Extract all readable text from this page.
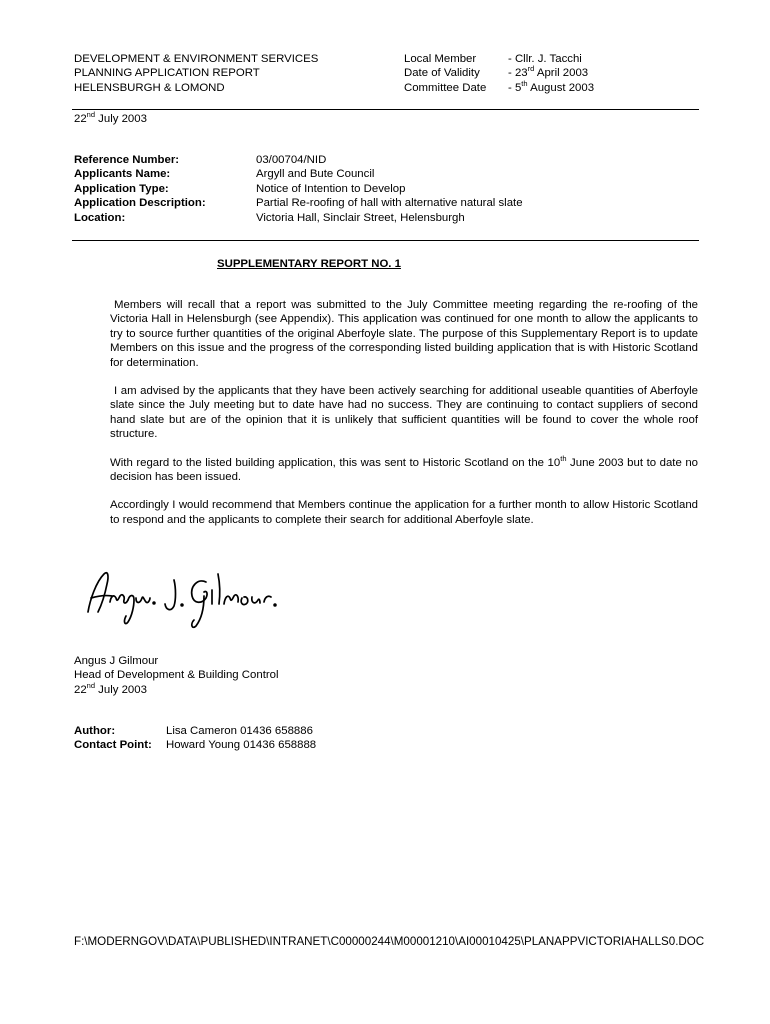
DEVELOPMENT & ENVIRONMENT SERVICES
PLANNING APPLICATION REPORT
HELENSBURGH & LOMOND
Local Member	- Cllr. J. Tacchi
Date of Validity	- 23rd April 2003
Committee Date	- 5th August 2003
22nd July 2003
Reference Number:	03/00704/NID
Applicants Name:	Argyll and Bute Council
Application Type:	Notice of Intention to Develop
Application Description:	Partial Re-roofing of hall with alternative natural slate
Location:	Victoria Hall, Sinclair Street, Helensburgh
SUPPLEMENTARY REPORT NO. 1

Members will recall that a report was submitted to the July Committee meeting regarding the re-roofing of the Victoria Hall in Helensburgh (see Appendix). This application was continued for one month to allow the applicants to try to source further quantities of the original Aberfoyle slate. The purpose of this Supplementary Report is to update Members on this issue and the progress of the corresponding listed building application that is with Historic Scotland for determination.

I am advised by the applicants that they have been actively searching for additional useable quantities of Aberfoyle slate since the July meeting but to date have had no success. They are continuing to contact suppliers of second hand slate but are of the opinion that it is unlikely that sufficient quantities will be found to cover the whole roof structure.

With regard to the listed building application, this was sent to Historic Scotland on the 10th June 2003 but to date no decision has been issued.

Accordingly I would recommend that Members continue the application for a further month to allow Historic Scotland to respond and the applicants to complete their search for additional Aberfoyle slate.

Angus J Gilmour
Head of Development & Building Control
22nd July 2003
Author:	Lisa Cameron 01436 658886
Contact Point:	Howard Young 01436 658888
F:\MODERNGOV\DATA\PUBLISHED\INTRANET\C00000244\M00001210\AI00010425\PLANAPPVICTORIAHALLS0.DOC
